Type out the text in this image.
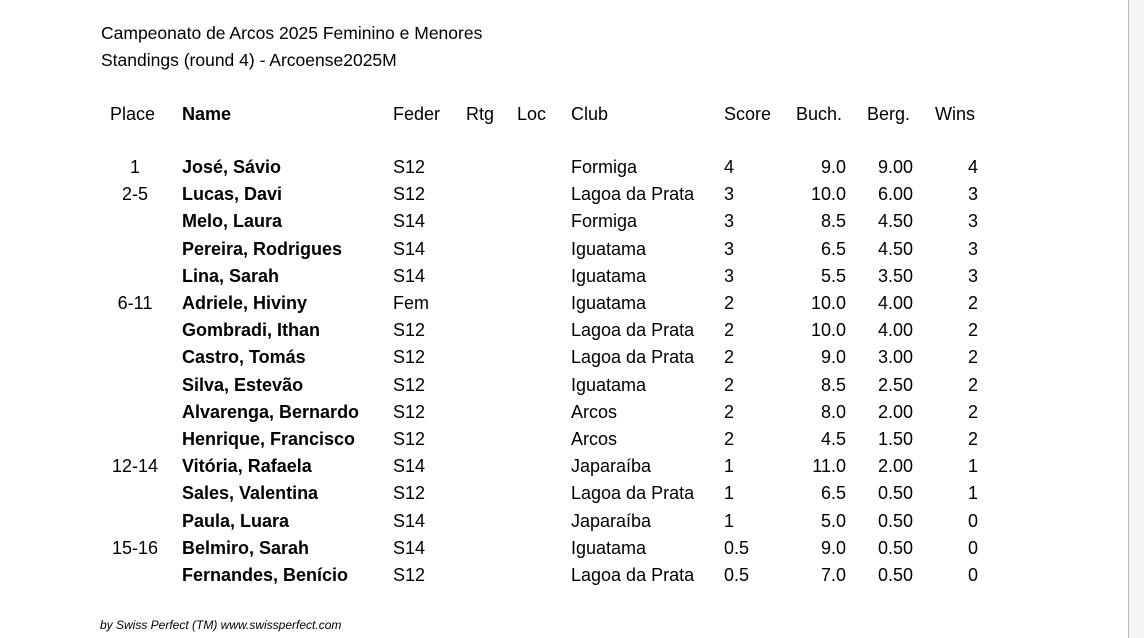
Campeonato de Arcos 2025 Feminino e Menores
Standings (round 4) - Arcoense2025M
Place Name	Feder Rtg Loc Club	Score Buch. Berg. Wins
1	José, Sávio	S12	Formiga	4	9.0	9.00	4
2-5	Lucas, Davi	S12	Lagoa da Prata 3	10.0	6.00	3
Melo, Laura	S14	Formiga	3	8.5	4.50	3
Pereira, Rodrigues	S14	Iguatama	3	6.5	4.50	3
Lina, Sarah	S14	Iguatama	3	5.5	3.50	3
6-11	Adriele, Hiviny	Fem	Iguatama	2	10.0	4.00	2
Gombradi, Ithan	S12	Lagoa da Prata 2	10.0	4.00	2
Castro, Tomás	S12	Lagoa da Prata 2	9.0	3.00	2
Silva, Estevão	S12	Iguatama	2	8.5	2.50	2
Alvarenga, Bernardo S12	Arcos	2	8.0	2.00	2
Henrique, Francisco S12	Arcos	2	4.5	1.50	2
12-14	Vitória, Rafaela	S14	Japaraíba	1	11.0	2.00	1
Sales, Valentina	S12	Lagoa da Prata 1	6.5	0.50	1
Paula, Luara	S14	Japaraíba	1	5.0	0.50	0
15-16	Belmiro, Sarah	S14	Iguatama	0.5	9.0	0.50	0
Fernandes, Benício S12	Lagoa da Prata 0.5	7.0	0.50	0
by Swiss Perfect (TM) www.swissperfect.com
